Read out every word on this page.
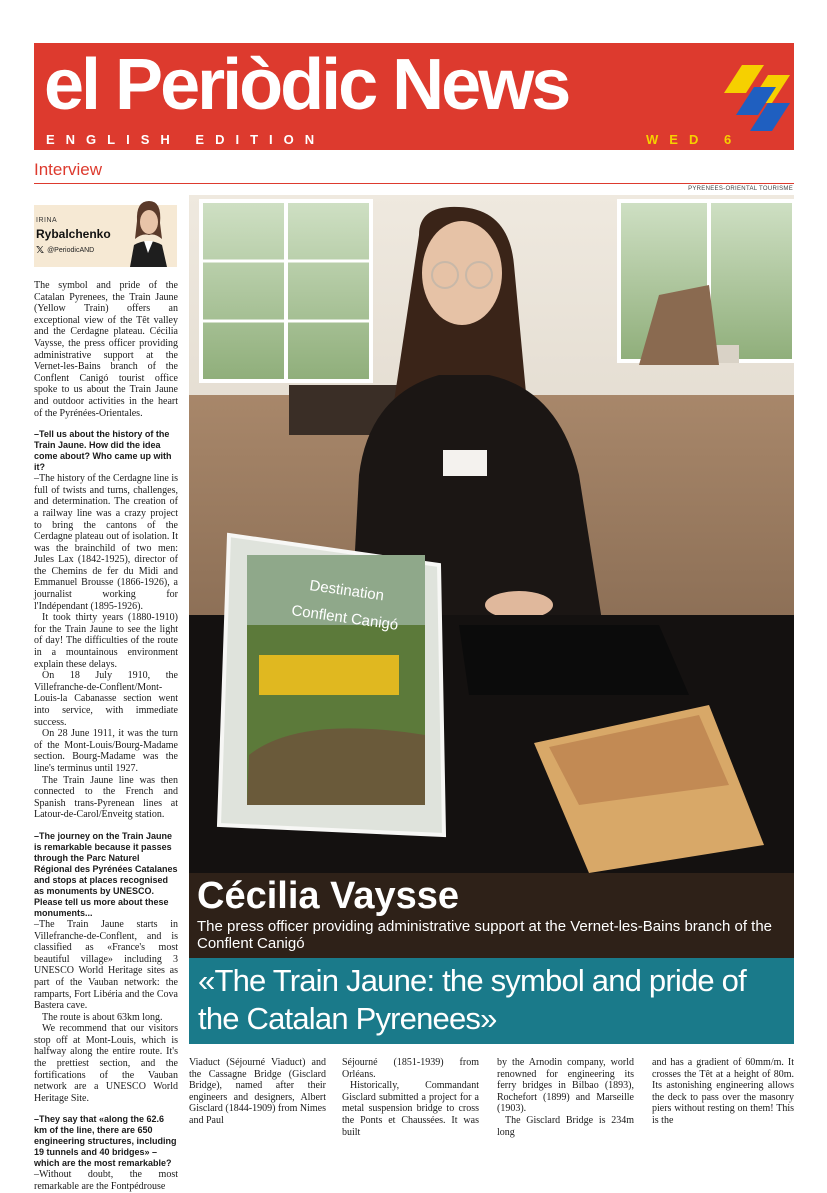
el Periòdic News
ENGLISH EDITION	WED 6
Interview
PYRENEES-ORIENTAL TOURISME
IRINA
Rybalchenko
𝕏 @PeriodicAND

The symbol and pride of the Catalan Pyrenees, the Train Jaune (Yellow Train) offers an exceptional view of the Têt valley and the Cerdagne plateau. Cécilia Vaysse, the press officer providing administrative support at the Vernet-les-Bains branch of the Conflent Canigó tourist office spoke to us about the Train Jaune and outdoor activities in the heart of the Pyrénées-Orientales.

–Tell us about the history of the Train Jaune. How did the idea come about? Who came up with it?

–The history of the Cerdagne line is full of twists and turns, challenges, and determination. The creation of a railway line was a crazy project to bring the cantons of the Cerdagne plateau out of isolation. It was the brainchild of two men: Jules Lax (1842-1925), director of the Chemins de fer du Midi and Emmanuel Brousse (1866-1926), a journalist working for l'Indépendant (1895-1926).

It took thirty years (1880-1910) for the Train Jaune to see the light of day! The difficulties of the route in a mountainous environment explain these delays.

On 18 July 1910, the Villefranche-de-Conflent/Mont-Louis-la Cabanasse section went into service, with immediate success.

On 28 June 1911, it was the turn of the Mont-Louis/Bourg-Madame section. Bourg-Madame was the line's terminus until 1927.

The Train Jaune line was then connected to the French and Spanish trans-Pyrenean lines at Latour-de-Carol/Enveitg station.

–The journey on the Train Jaune is remarkable because it passes through the Parc Naturel Régional des Pyrénées Catalanes and stops at places recognised as monuments by UNESCO. Please tell us more about these monuments...

–The Train Jaune starts in Villefranche-de-Conflent, and is classified as «France's most beautiful village» including 3 UNESCO World Heritage sites as part of the Vauban network: the ramparts, Fort Libéria and the Cova Bastera cave.

The route is about 63km long.

We recommend that our visitors stop off at Mont-Louis, which is halfway along the entire route. It's the prettiest section, and the fortifications of the Vauban network are a UNESCO World Heritage Site.

–They say that «along the 62.6 km of the line, there are 650 engineering structures, including 19 tunnels and 40 bridges» – which are the most remarkable?

–Without doubt, the most remarkable are the Fontpédrouse

Destination
Conflent Canigó
Cécilia Vaysse
The press officer providing administrative support at the Vernet-les-Bains branch of the Conflent Canigó
«The Train Jaune: the symbol and pride of the Catalan Pyrenees»

Viaduct (Séjourné Viaduct) and the Cassagne Bridge (Gisclard Bridge), named after their engineers and designers, Albert Gisclard (1844-1909) from Nimes and Paul

Séjourné (1851-1939) from Orléans.

Historically, Commandant Gisclard submitted a project for a metal suspension bridge to cross the Ponts et Chaussées. It was built

by the Arnodin company, world renowned for engineering its ferry bridges in Bilbao (1893), Rochefort (1899) and Marseille (1903).

The Gisclard Bridge is 234m long

and has a gradient of 60mm/m. It crosses the Têt at a height of 80m. Its astonishing engineering allows the deck to pass over the masonry piers without resting on them! This is the
